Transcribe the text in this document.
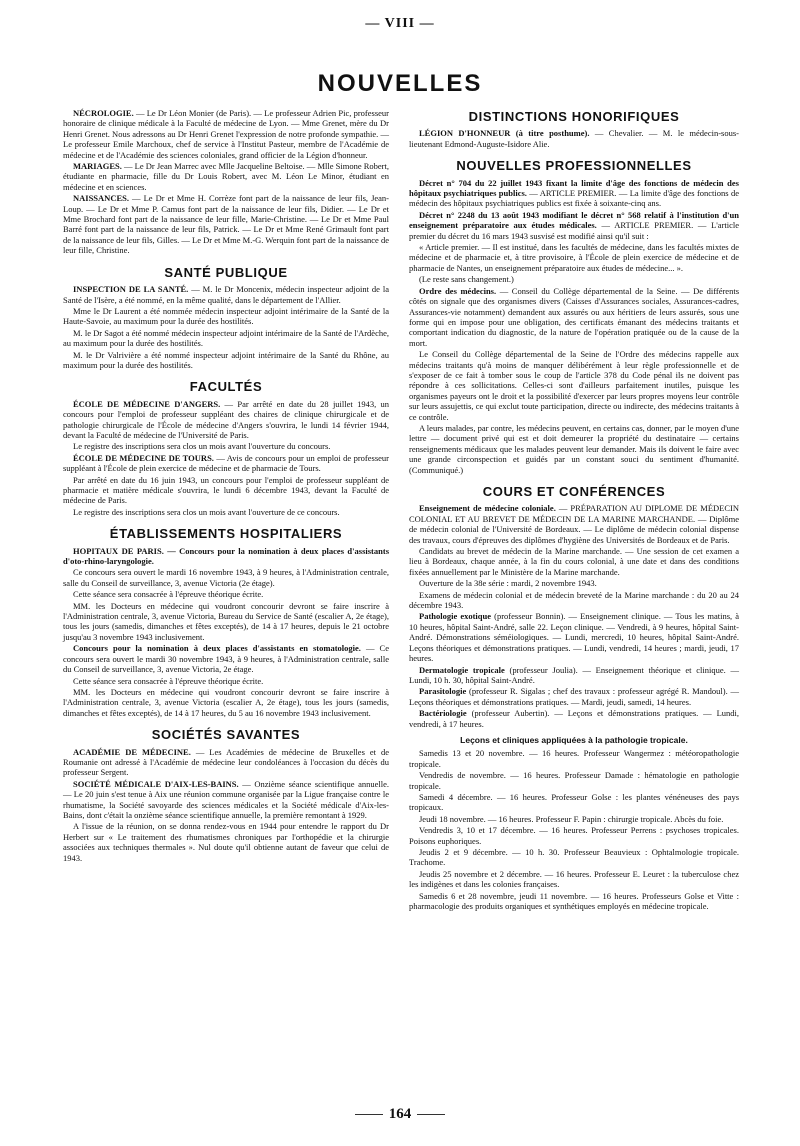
— VIII —
NOUVELLES

NÉCROLOGIE. — Le Dr Léon Monier (de Paris). — Le professeur Adrien Pic, professeur honoraire de clinique médicale à la Faculté de médecine de Lyon. — Mme Grenet, mère du Dr Henri Grenet. Nous adressons au Dr Henri Grenet l'expression de notre profonde sympathie. — Le professeur Emile Marchoux, chef de service à l'Institut Pasteur, membre de l'Académie de médecine et de l'Académie des sciences coloniales, grand officier de la Légion d'honneur.

MARIAGES. — Le Dr Jean Marrec avec Mlle Jacqueline Beltoise. — Mlle Simone Robert, étudiante en pharmacie, fille du Dr Louis Robert, avec M. Léon Le Minor, étudiant en médecine et en sciences.

NAISSANCES. — Le Dr et Mme H. Corrèze font part de la naissance de leur fils, Jean-Loup. — Le Dr et Mme P. Camus font part de la naissance de leur fils, Didier. — Le Dr et Mme Brochard font part de la naissance de leur fille, Marie-Christine. — Le Dr et Mme Paul Barré font part de la naissance de leur fils, Patrick. — Le Dr et Mme René Grimault font part de la naissance de leur fils, Gilles. — Le Dr et Mme M.-G. Werquin font part de la naissance de leur fille, Christine.

SANTÉ PUBLIQUE

INSPECTION DE LA SANTÉ. — M. le Dr Moncenix, médecin inspecteur adjoint de la Santé de l'Isère, a été nommé, en la même qualité, dans le département de l'Allier.

Mme le Dr Laurent a été nommée médecin inspecteur adjoint intérimaire de la Santé de la Haute-Savoie, au maximum pour la durée des hostilités.

M. le Dr Sagot a été nommé médecin inspecteur adjoint intérimaire de la Santé de l'Ardèche, au maximum pour la durée des hostilités.

M. le Dr Valrivière a été nommé inspecteur adjoint intérimaire de la Santé du Rhône, au maximum pour la durée des hostilités.

FACULTÉS

ÉCOLE DE MÉDECINE D'ANGERS. — Par arrêté en date du 28 juillet 1943, un concours pour l'emploi de professeur suppléant des chaires de clinique chirurgicale et de pathologie chirurgicale de l'École de médecine d'Angers s'ouvrira, le lundi 14 février 1944, devant la Faculté de médecine de l'Université de Paris.

Le registre des inscriptions sera clos un mois avant l'ouverture du concours.

ÉCOLE DE MÉDECINE DE TOURS. — Avis de concours pour un emploi de professeur suppléant à l'École de plein exercice de médecine et de pharmacie de Tours.

Par arrêté en date du 16 juin 1943, un concours pour l'emploi de professeur suppléant de pharmacie et matière médicale s'ouvrira, le lundi 6 décembre 1943, devant la Faculté de médecine de Paris.

Le registre des inscriptions sera clos un mois avant l'ouverture de ce concours.

ÉTABLISSEMENTS HOSPITALIERS

HOPITAUX DE PARIS. — Concours pour la nomination à deux places d'assistants d'oto-rhino-laryngologie.

Ce concours sera ouvert le mardi 16 novembre 1943, à 9 heures, à l'Administration centrale, salle du Conseil de surveillance, 3, avenue Victoria (2e étage).

Cette séance sera consacrée à l'épreuve théorique écrite.

MM. les Docteurs en médecine qui voudront concourir devront se faire inscrire à l'Administration centrale, 3, avenue Victoria, Bureau du Service de Santé (escalier A, 2e étage), tous les jours (samedis, dimanches et fêtes exceptés), de 14 à 17 heures, depuis le 21 octobre jusqu'au 3 novembre 1943 inclusivement.

Concours pour la nomination à deux places d'assistants en stomatologie. — Ce concours sera ouvert le mardi 30 novembre 1943, à 9 heures, à l'Administration centrale, salle du Conseil de surveillance, 3, avenue Victoria, 2e étage.

Cette séance sera consacrée à l'épreuve théorique écrite.

MM. les Docteurs en médecine qui voudront concourir devront se faire inscrire à l'Administration centrale, 3, avenue Victoria (escalier A, 2e étage), tous les jours (samedis, dimanches et fêtes exceptés), de 14 à 17 heures, du 5 au 16 novembre 1943 inclusivement.

SOCIÉTÉS SAVANTES

ACADÉMIE DE MÉDECINE. — Les Académies de médecine de Bruxelles et de Roumanie ont adressé à l'Académie de médecine leur condoléances à l'occasion du décès du professeur Sergent.

SOCIÉTÉ MÉDICALE D'AIX-LES-BAINS. — Onzième séance scientifique annuelle. — Le 20 juin s'est tenue à Aix une réunion commune organisée par la Ligue française contre le rhumatisme, la Société savoyarde des sciences médicales et la Société médicale d'Aix-les-Bains, dont c'était la onzième séance scientifique annuelle, la première remontant à 1929.

A l'issue de la réunion, on se donna rendez-vous en 1944 pour entendre le rapport du Dr Herbert sur « Le traitement des rhumatismes chroniques par l'orthopédie et la chirurgie associées aux techniques thermales ». Nul doute qu'il obtienne autant de faveur que celui de 1943.

DISTINCTIONS HONORIFIQUES

LÉGION D'HONNEUR (à titre posthume). — Chevalier. — M. le médecin-sous-lieutenant Edmond-Auguste-Isidore Alie.

NOUVELLES PROFESSIONNELLES

Décret n° 704 du 22 juillet 1943 fixant la limite d'âge des fonctions de médecin des hôpitaux psychiatriques publics. — ARTICLE PREMIER. — La limite d'âge des fonctions de médecin des hôpitaux psychiatriques publics est fixée à soixante-cinq ans.

Décret n° 2248 du 13 août 1943 modifiant le décret n° 568 relatif à l'institution d'un enseignement préparatoire aux études médicales. — ARTICLE PREMIER. — L'article premier du décret du 16 mars 1943 susvisé est modifié ainsi qu'il suit :

« Article premier. — Il est institué, dans les facultés de médecine, dans les facultés mixtes de médecine et de pharmacie et, à titre provisoire, à l'École de plein exercice de médecine et de pharmacie de Nantes, un enseignement préparatoire aux études de médecine... ».

(Le reste sans changement.)

Ordre des médecins. — Conseil du Collège départemental de la Seine. — De différents côtés on signale que des organismes divers (Caisses d'Assurances sociales, Assurances-cadres, Assurances-vie notamment) demandent aux assurés ou aux héritiers de leurs assurés, sous une forme qui en impose pour une obligation, des certificats émanant des médecins traitants et comportant indication du diagnostic, de la nature de l'opération pratiquée ou de la cause de la mort.

Le Conseil du Collège départemental de la Seine de l'Ordre des médecins rappelle aux médecins traitants qu'à moins de manquer délibérément à leur règle professionnelle et de s'exposer de ce fait à tomber sous le coup de l'article 378 du Code pénal ils ne doivent pas répondre à ces sollicitations. Celles-ci sont d'ailleurs parfaitement inutiles, puisque les organismes payeurs ont le droit et la possibilité d'exercer par leurs propres moyens leur contrôle sur leurs assujettis, ce qui exclut toute participation, directe ou indirecte, des médecins traitants à ce contrôle.

A leurs malades, par contre, les médecins peuvent, en certains cas, donner, par le moyen d'une lettre — document privé qui est et doit demeurer la propriété du destinataire — certains renseignements médicaux que les malades peuvent leur demander. Mais ils doivent le faire avec une grande circonspection et guidés par un constant souci du sentiment d'humanité. (Communiqué.)

COURS ET CONFÉRENCES

Enseignement de médecine coloniale. — PRÉPARATION AU DIPLOME DE MÉDECIN COLONIAL ET AU BREVET DE MÉDECIN DE LA MARINE MARCHANDE. — Diplôme de médecin colonial de l'Université de Bordeaux. — Le diplôme de médecin colonial dispense des travaux, cours d'épreuves des diplômes d'hygiène des Universités de Bordeaux et de Paris.

Candidats au brevet de médecin de la Marine marchande. — Une session de cet examen a lieu à Bordeaux, chaque année, à la fin du cours colonial, à une date et dans des conditions fixées annuellement par le Ministère de la Marine marchande.

Ouverture de la 38e série : mardi, 2 novembre 1943.

Examens de médecin colonial et de médecin breveté de la Marine marchande : du 20 au 24 décembre 1943.

Pathologie exotique (professeur Bonnin). — Enseignement clinique. — Tous les matins, à 10 heures, hôpital Saint-André, salle 22. Leçon clinique. — Vendredi, à 9 heures, hôpital Saint-André. Démonstrations séméiologiques. — Lundi, mercredi, 10 heures, hôpital Saint-André. Leçons théoriques et démonstrations pratiques. — Lundi, vendredi, 14 heures ; mardi, jeudi, 17 heures.

Dermatologie tropicale (professeur Joulia). — Enseignement théorique et clinique. — Lundi, 10 h. 30, hôpital Saint-André.

Parasitologie (professeur R. Sigalas ; chef des travaux : professeur agrégé R. Mandoul). — Leçons théoriques et démonstrations pratiques. — Mardi, jeudi, samedi, 14 heures.

Bactériologie (professeur Aubertin). — Leçons et démonstrations pratiques. — Lundi, vendredi, à 17 heures.

Leçons et cliniques appliquées à la pathologie tropicale.

Samedis 13 et 20 novembre. — 16 heures. Professeur Wangermez : météoropathologie tropicale.

Vendredis de novembre. — 16 heures. Professeur Damade : hématologie en pathologie tropicale.

Samedi 4 décembre. — 16 heures. Professeur Golse : les plantes vénéneuses des pays tropicaux.

Jeudi 18 novembre. — 16 heures. Professeur F. Papin : chirurgie tropicale. Abcès du foie.

Vendredis 3, 10 et 17 décembre. — 16 heures. Professeur Perrens : psychoses tropicales. Poisons euphoriques.

Jeudis 2 et 9 décembre. — 10 h. 30. Professeur Beauvieux : Ophtalmologie tropicale. Trachome.

Jeudis 25 novembre et 2 décembre. — 16 heures. Professeur E. Leuret : la tuberculose chez les indigènes et dans les colonies françaises.

Samedis 6 et 28 novembre, jeudi 11 novembre. — 16 heures. Professeurs Golse et Vitte : pharmacologie des produits organiques et synthétiques employés en médecine tropicale.

164
